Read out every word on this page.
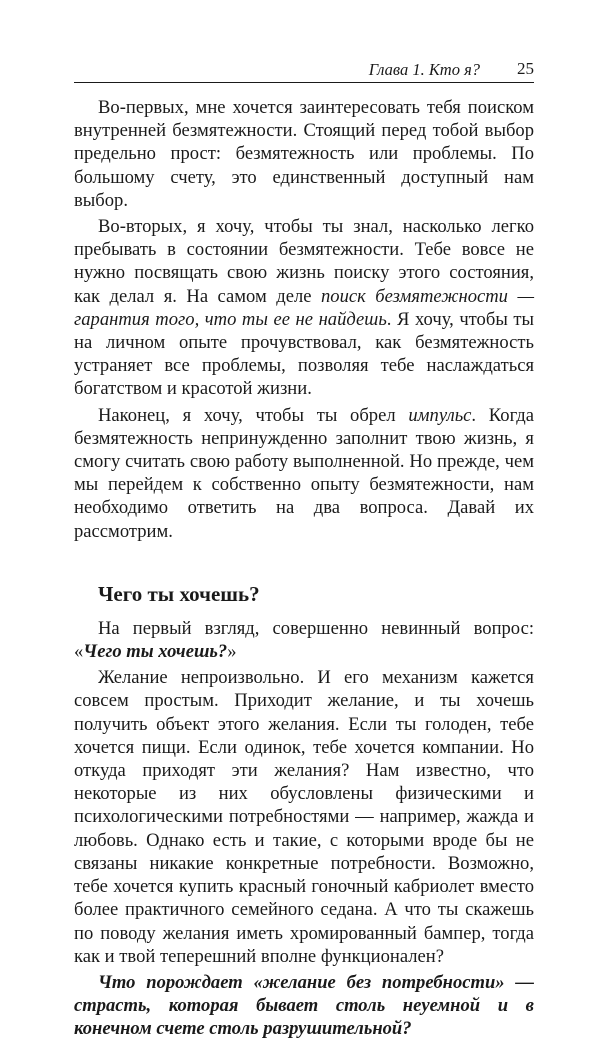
Глава 1. Кто я? 25

Во-первых, мне хочется заинтересовать тебя поиском внутренней безмятежности. Стоящий перед тобой выбор предельно прост: безмятежность или проблемы. По большому счету, это единственный доступный нам выбор.

Во-вторых, я хочу, чтобы ты знал, насколько легко пребывать в состоянии безмятежности. Тебе вовсе не нужно посвящать свою жизнь поиску этого состояния, как делал я. На самом деле поиск безмятежности — гарантия того, что ты ее не найдешь. Я хочу, чтобы ты на личном опыте прочувствовал, как безмятежность устраняет все проблемы, позволяя тебе наслаждаться богатством и красотой жизни.

Наконец, я хочу, чтобы ты обрел импульс. Когда безмятежность непринужденно заполнит твою жизнь, я смогу считать свою работу выполненной. Но прежде, чем мы перейдем к собственно опыту безмятежности, нам необходимо ответить на два вопроса. Давай их рассмотрим.

Чего ты хочешь?

На первый взгляд, совершенно невинный вопрос: «Чего ты хочешь?»

Желание непроизвольно. И его механизм кажется совсем простым. Приходит желание, и ты хочешь получить объект этого желания. Если ты голоден, тебе хочется пищи. Если одинок, тебе хочется компании. Но откуда приходят эти желания? Нам известно, что некоторые из них обусловлены физическими и психологическими потребностями — например, жажда и любовь. Однако есть и такие, с которыми вроде бы не связаны никакие конкретные потребности. Возможно, тебе хочется купить красный гоночный кабриолет вместо более практичного семейного седана. А что ты скажешь по поводу желания иметь хромированный бампер, тогда как и твой теперешний вполне функционален?

Что порождает «желание без потребности» — страсть, которая бывает столь неуемной и в конечном счете столь разрушительной?
